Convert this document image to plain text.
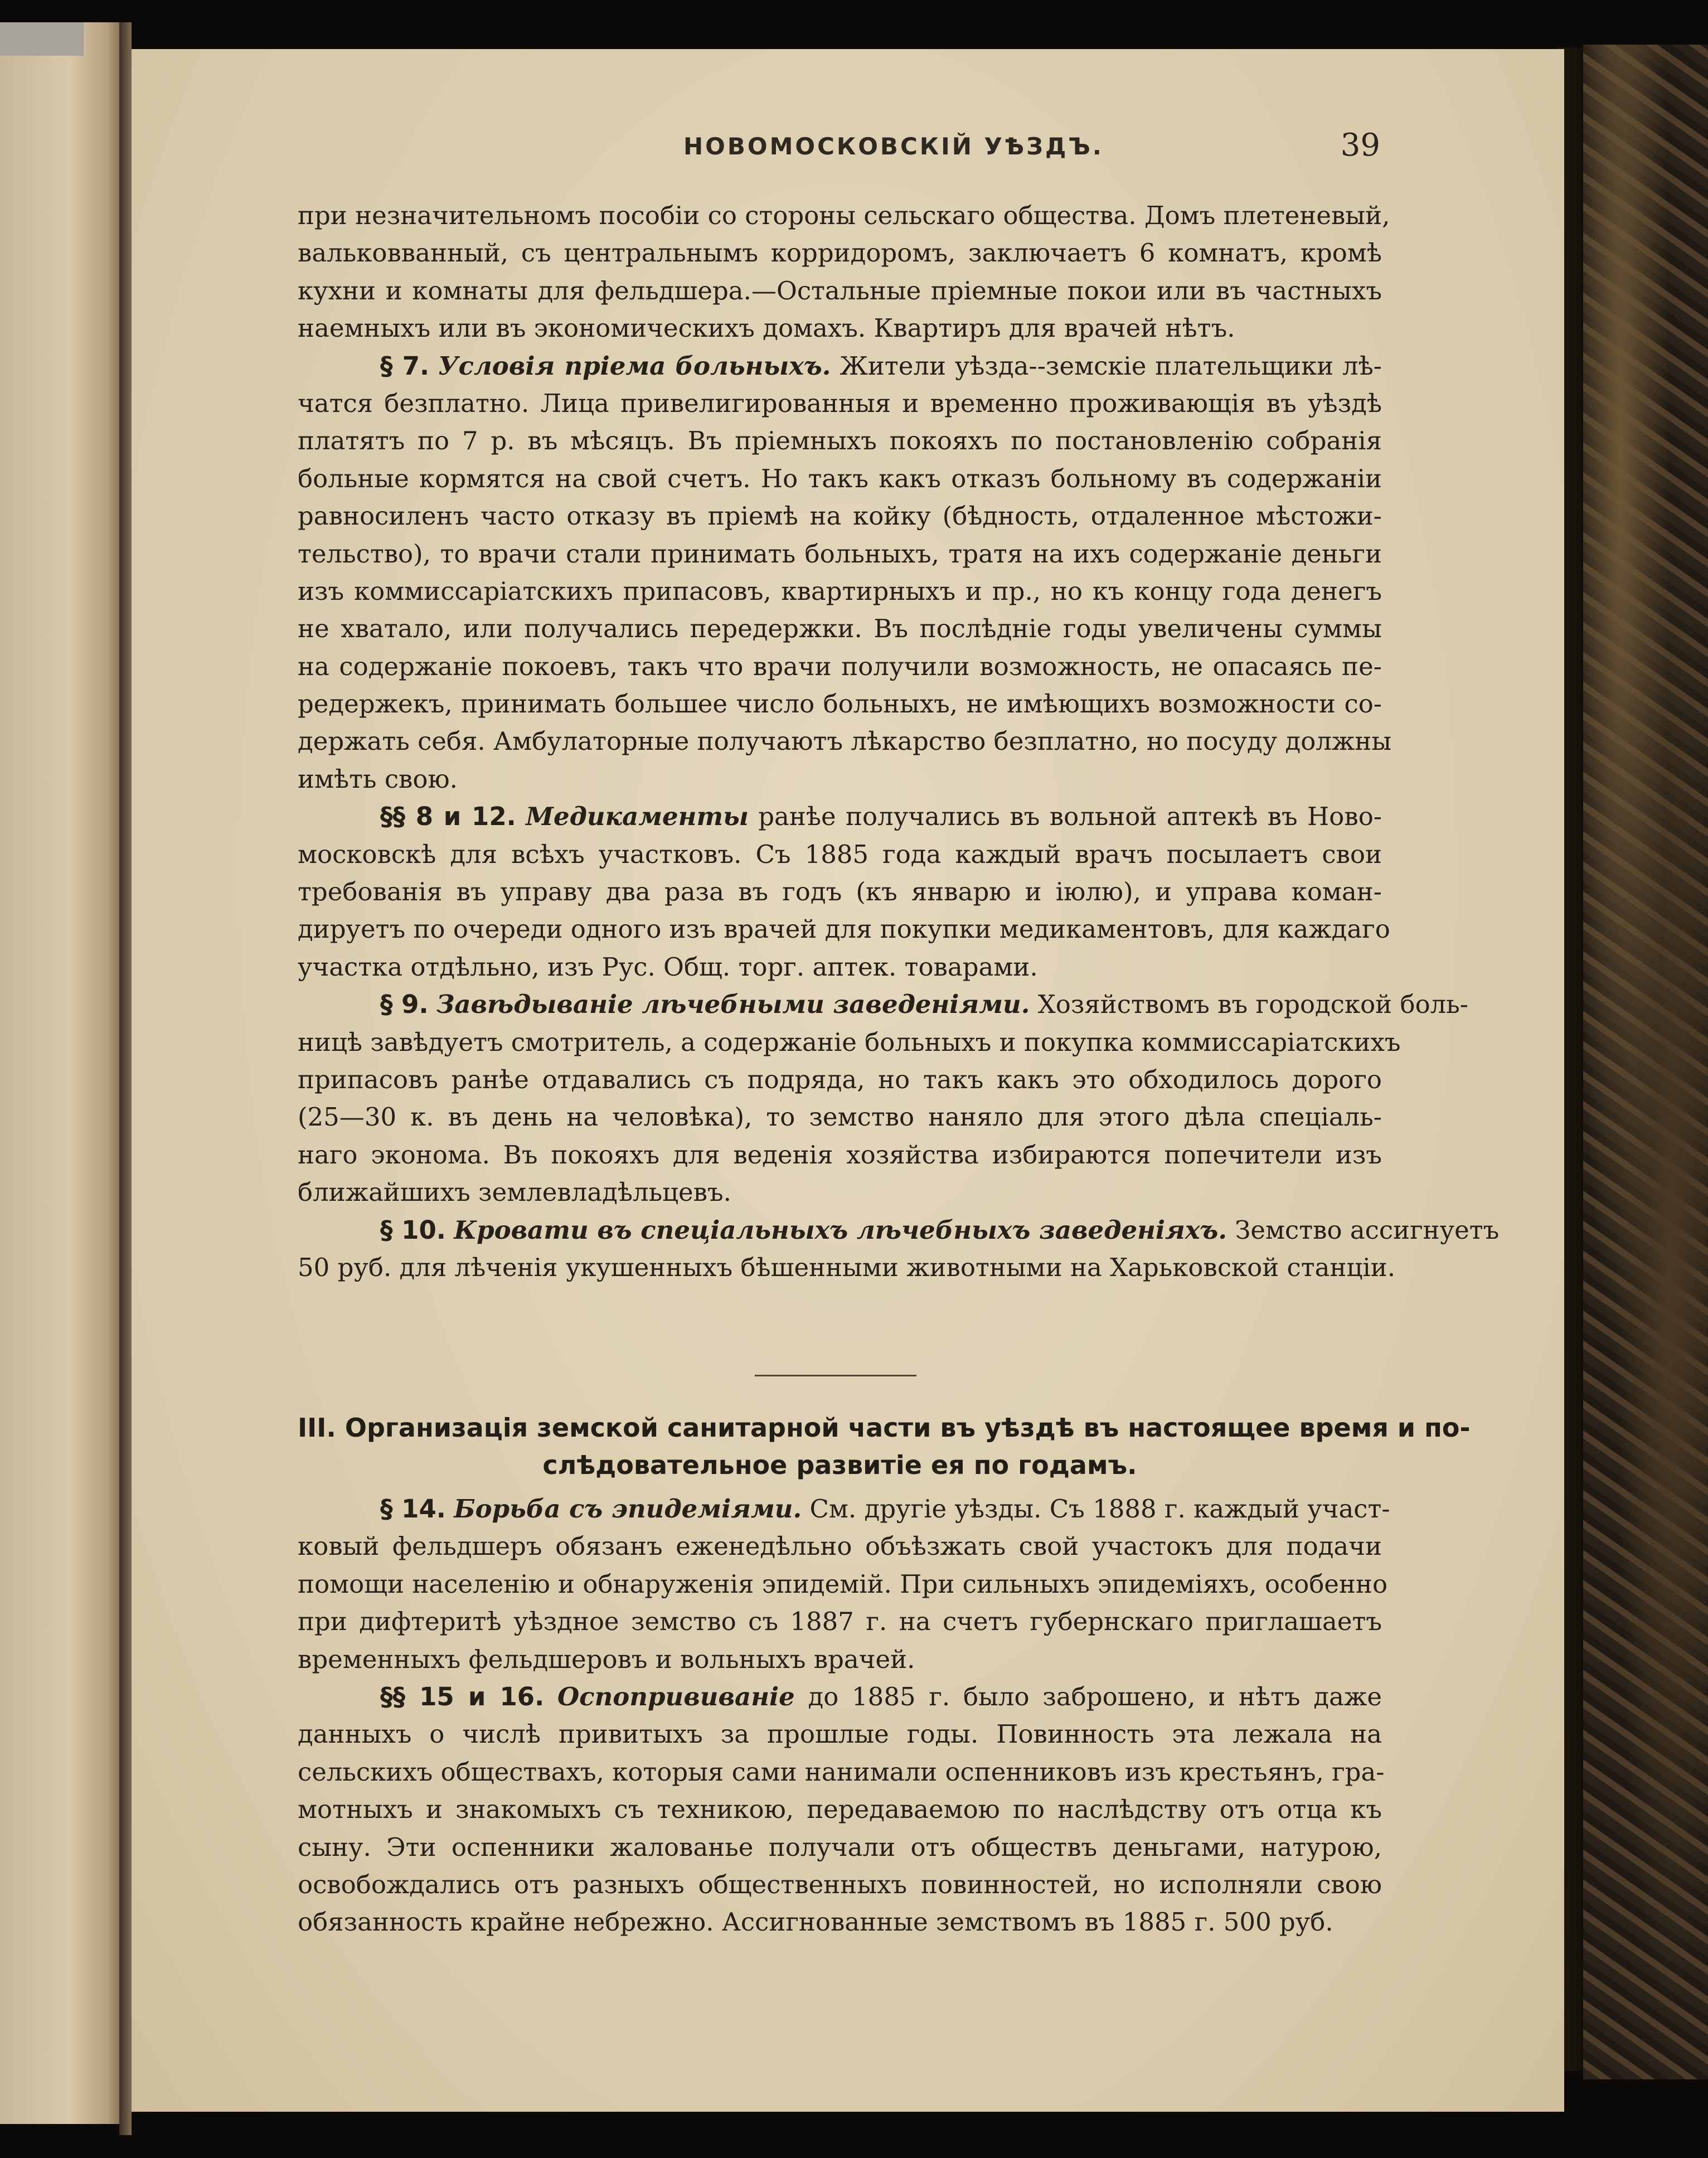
НОВОМОСКОВСКІЙ УѢЗДЪ.	39
при незначительномъ пособіи со стороны сельскаго общества. Домъ плетеневый,
вальковванный, съ центральнымъ корридоромъ, заключаетъ 6 комнатъ, кромѣ
кухни и комнаты для фельдшера.—Остальные пріемные покои или въ частныхъ
наемныхъ или въ экономическихъ домахъ. Квартиръ для врачей нѣтъ.
§ 7. Условія пріема больныхъ. Жители уѣзда--земскіе плательщики лѣ-
чатся безплатно. Лица привелигированныя и временно проживающія въ уѣздѣ
платятъ по 7 р. въ мѣсяцъ. Въ пріемныхъ покояхъ по постановленію собранія
больные кормятся на свой счетъ. Но такъ какъ отказъ больному въ содержаніи
равносиленъ часто отказу въ пріемѣ на койку (бѣдность, отдаленное мѣстожи-
тельство), то врачи стали принимать больныхъ, тратя на ихъ содержаніе деньги
изъ коммиссаріатскихъ припасовъ, квартирныхъ и пр., но къ концу года денегъ
не хватало, или получались передержки. Въ послѣдніе годы увеличены суммы
на содержаніе покоевъ, такъ что врачи получили возможность, не опасаясь пе-
редержекъ, принимать большее число больныхъ, не имѣющихъ возможности со-
держать себя. Амбулаторные получаютъ лѣкарство безплатно, но посуду должны
имѣть свою.
§§ 8 и 12. Медикаменты ранѣе получались въ вольной аптекѣ въ Ново-
московскѣ для всѣхъ участковъ. Съ 1885 года каждый врачъ посылаетъ свои
требованія въ управу два раза въ годъ (къ январю и іюлю), и управа коман-
дируетъ по очереди одного изъ врачей для покупки медикаментовъ, для каждаго
участка отдѣльно, изъ Рус. Общ. торг. аптек. товарами.
§ 9. Завѣдываніе лѣчебными заведеніями. Хозяйствомъ въ городской боль-
ницѣ завѣдуетъ смотритель, а содержаніе больныхъ и покупка коммиссаріатскихъ
припасовъ ранѣе отдавались съ подряда, но такъ какъ это обходилось дорого
(25—30 к. въ день на человѣка), то земство наняло для этого дѣла спеціаль-
наго эконома. Въ покояхъ для веденія хозяйства избираются попечители изъ
ближайшихъ землевладѣльцевъ.
§ 10. Кровати въ спеціальныхъ лѣчебныхъ заведеніяхъ. Земство ассигнуетъ
50 руб. для лѣченія укушенныхъ бѣшенными животными на Харьковской станціи.
III. Организація земской санитарной части въ уѣздѣ въ настоящее время и по-
слѣдовательное развитіе ея по годамъ.
§ 14. Борьба съ эпидеміями. См. другіе уѣзды. Съ 1888 г. каждый участ-
ковый фельдшеръ обязанъ еженедѣльно объѣзжать свой участокъ для подачи
помощи населенію и обнаруженія эпидемій. При сильныхъ эпидеміяхъ, особенно
при дифтеритѣ уѣздное земство съ 1887 г. на счетъ губернскаго приглашаетъ
временныхъ фельдшеровъ и вольныхъ врачей.
§§ 15 и 16. Оспопрививаніе до 1885 г. было заброшено, и нѣтъ даже
данныхъ о числѣ привитыхъ за прошлые годы. Повинность эта лежала на
сельскихъ обществахъ, которыя сами нанимали оспенниковъ изъ крестьянъ, гра-
мотныхъ и знакомыхъ съ техникою, передаваемою по наслѣдству отъ отца къ
сыну. Эти оспенники жалованье получали отъ обществъ деньгами, натурою,
освобождались отъ разныхъ общественныхъ повинностей, но исполняли свою
обязанность крайне небрежно. Ассигнованные земствомъ въ 1885 г. 500 руб.
